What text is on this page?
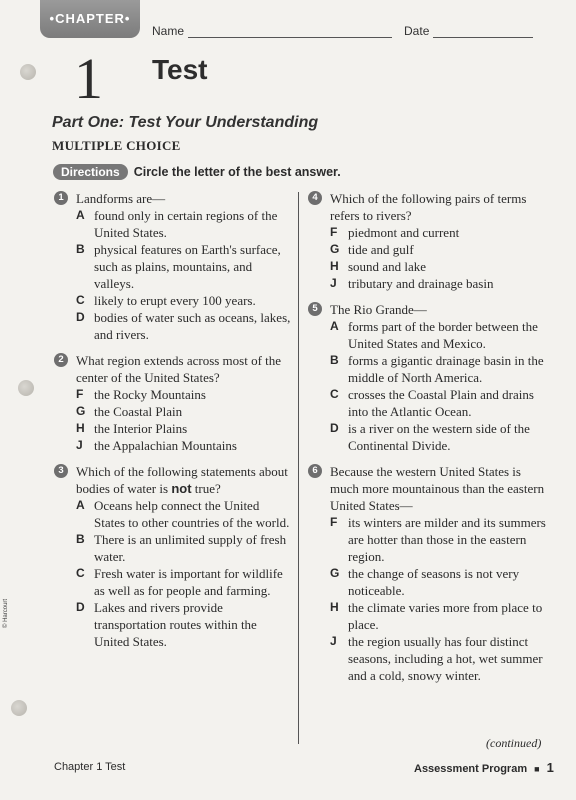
•CHAPTER•
1
Name	Date
Test
Part One: Test Your Understanding
MULTIPLE CHOICE
Directions	Circle the letter of the best answer.
1 Landforms are—
A found only in certain regions of the United States.
B physical features on Earth's surface, such as plains, mountains, and valleys.
C likely to erupt every 100 years.
D bodies of water such as oceans, lakes, and rivers.
2 What region extends across most of the center of the United States?
F the Rocky Mountains
G the Coastal Plain
H the Interior Plains
J the Appalachian Mountains
3 Which of the following statements about bodies of water is not true?
A Oceans help connect the United States to other countries of the world.
B There is an unlimited supply of fresh water.
C Fresh water is important for wildlife as well as for people and farming.
D Lakes and rivers provide transportation routes within the United States.
4 Which of the following pairs of terms refers to rivers?
F piedmont and current
G tide and gulf
H sound and lake
J tributary and drainage basin
5 The Rio Grande—
A forms part of the border between the United States and Mexico.
B forms a gigantic drainage basin in the middle of North America.
C crosses the Coastal Plain and drains into the Atlantic Ocean.
D is a river on the western side of the Continental Divide.
6 Because the western United States is much more mountainous than the eastern United States—
F its winters are milder and its summers are hotter than those in the eastern region.
G the change of seasons is not very noticeable.
H the climate varies more from place to place.
J the region usually has four distinct seasons, including a hot, wet summer and a cold, snowy winter.
(continued)
Chapter 1 Test	Assessment Program ■ 1
© Harcourt
